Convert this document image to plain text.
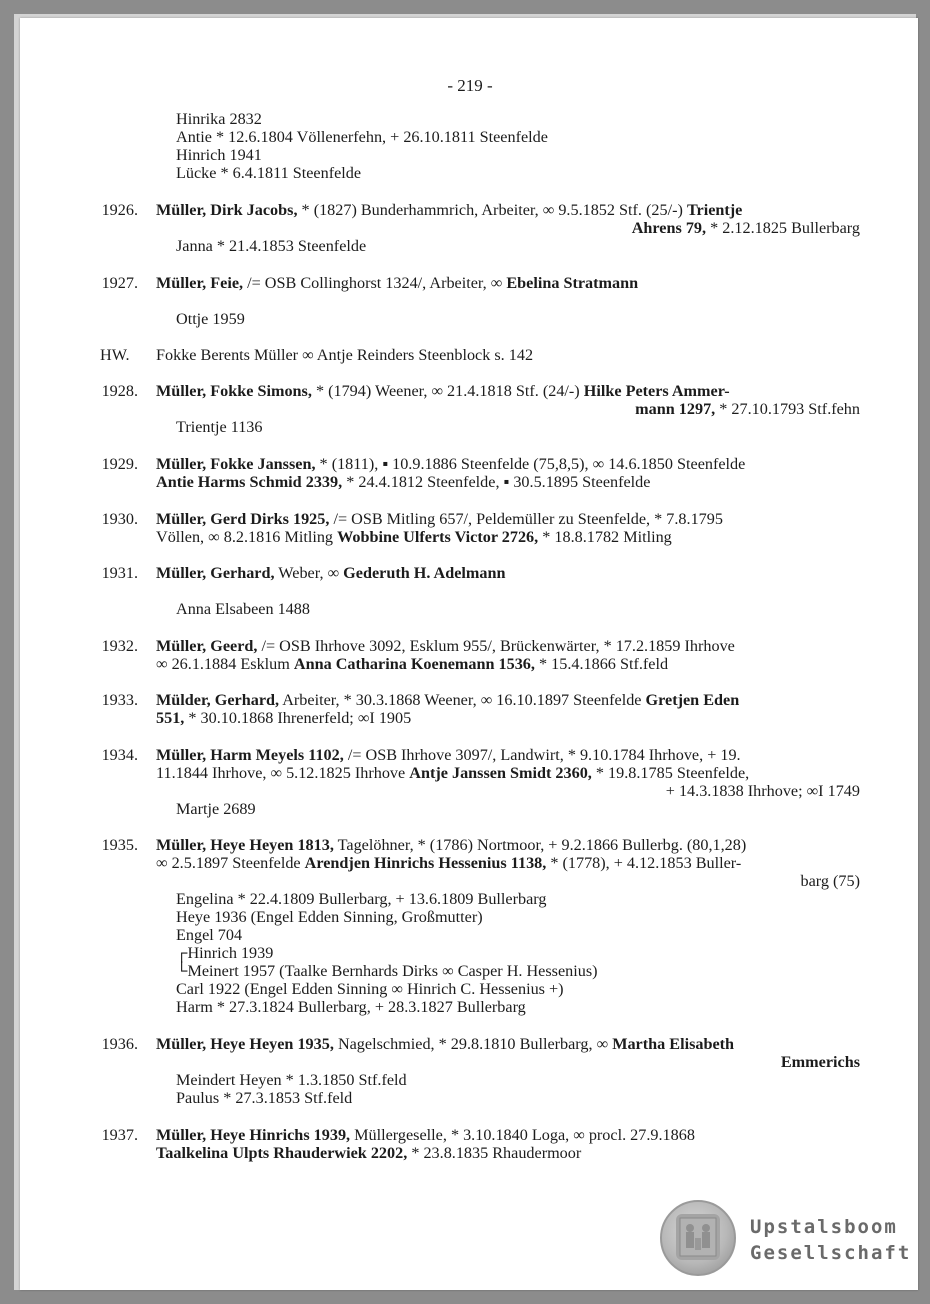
- 219 -
Hinrika 2832
Antie * 12.6.1804 Völlenerfehn, + 26.10.1811 Steenfelde
Hinrich 1941
Lücke * 6.4.1811 Steenfelde
1926. Müller, Dirk Jacobs, * (1827) Bunderhammrich, Arbeiter, ∞ 9.5.1852 Stf. (25/-) Trientje
Ahrens 79, * 2.12.1825 Bullerbarg
Janna * 21.4.1853 Steenfelde
1927. Müller, Feie, /= OSB Collinghorst 1324/, Arbeiter, ∞ Ebelina Stratmann
Ottje 1959
HW. Fokke Berents Müller ∞ Antje Reinders Steenblock s. 142
1928. Müller, Fokke Simons, * (1794) Weener, ∞ 21.4.1818 Stf. (24/-) Hilke Peters Ammer-
mann 1297, * 27.10.1793 Stf.fehn
Trientje 1136
1929. Müller, Fokke Janssen, * (1811), ▪ 10.9.1886 Steenfelde (75,8,5), ∞ 14.6.1850 Steenfelde
Antie Harms Schmid 2339, * 24.4.1812 Steenfelde, ▪ 30.5.1895 Steenfelde
1930. Müller, Gerd Dirks 1925, /= OSB Mitling 657/, Peldemüller zu Steenfelde, * 7.8.1795
Völlen, ∞ 8.2.1816 Mitling Wobbine Ulferts Victor 2726, * 18.8.1782 Mitling
1931. Müller, Gerhard, Weber, ∞ Gederuth H. Adelmann
Anna Elsabeen 1488
1932. Müller, Geerd, /= OSB Ihrhove 3092, Esklum 955/, Brückenwärter, * 17.2.1859 Ihrhove
∞ 26.1.1884 Esklum Anna Catharina Koenemann 1536, * 15.4.1866 Stf.feld
1933. Mülder, Gerhard, Arbeiter, * 30.3.1868 Weener, ∞ 16.10.1897 Steenfelde Gretjen Eden
551, * 30.10.1868 Ihrenerfeld; ∞I 1905
1934. Müller, Harm Meyels 1102, /= OSB Ihrhove 3097/, Landwirt, * 9.10.1784 Ihrhove, + 19.
11.1844 Ihrhove, ∞ 5.12.1825 Ihrhove Antje Janssen Smidt 2360, * 19.8.1785 Steenfelde,
+ 14.3.1838 Ihrhove; ∞I 1749
Martje 2689
1935. Müller, Heye Heyen 1813, Tagelöhner, * (1786) Nortmoor, + 9.2.1866 Bullerbg. (80,1,28)
∞ 2.5.1897 Steenfelde Arendjen Hinrichs Hessenius 1138, * (1778), + 4.12.1853 Buller-
barg (75)
Engelina * 22.4.1809 Bullerbarg, + 13.6.1809 Bullerbarg
Heye 1936 (Engel Edden Sinning, Großmutter)
Engel 704
┌Hinrich 1939
└Meinert 1957 (Taalke Bernhards Dirks ∞ Casper H. Hessenius)
Carl 1922 (Engel Edden Sinning ∞ Hinrich C. Hessenius +)
Harm * 27.3.1824 Bullerbarg, + 28.3.1827 Bullerbarg
1936. Müller, Heye Heyen 1935, Nagelschmied, * 29.8.1810 Bullerbarg, ∞ Martha Elisabeth
Emmerichs
Meindert Heyen * 1.3.1850 Stf.feld
Paulus * 27.3.1853 Stf.feld
1937. Müller, Heye Hinrichs 1939, Müllergeselle, * 3.10.1840 Loga, ∞ procl. 27.9.1868
Taalkelina Ulpts Rhauderwiek 2202, * 23.8.1835 Rhaudermoor
Upstalsboom
Gesellschaft
